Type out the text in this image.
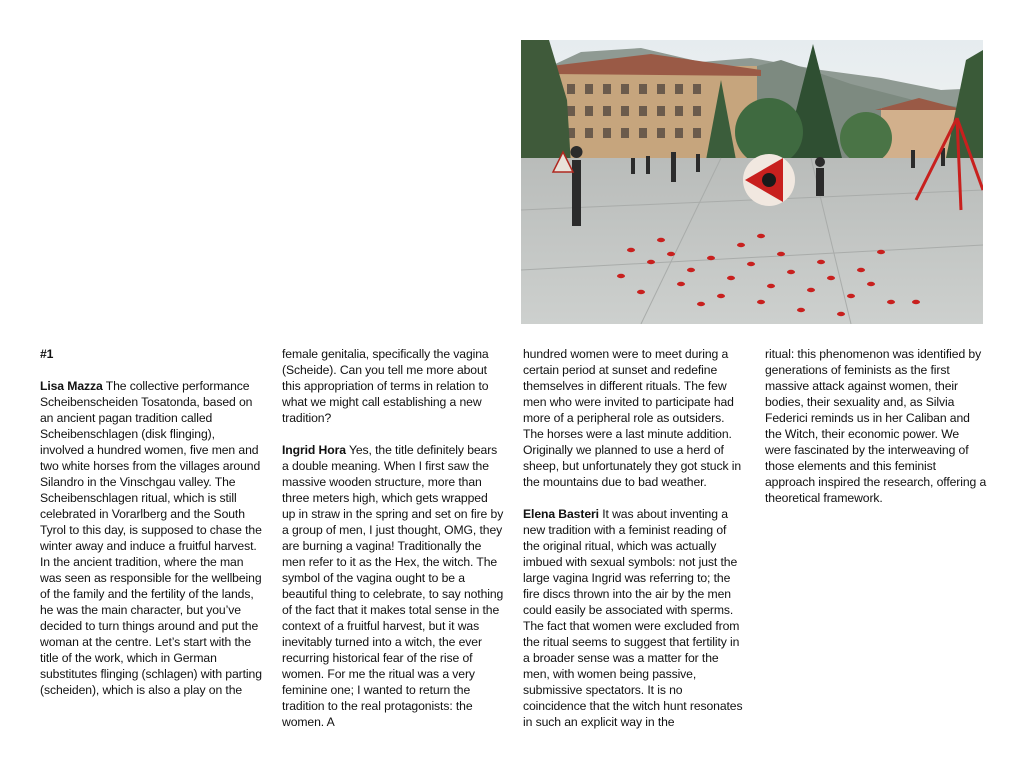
#1

Lisa Mazza The collective performance Scheibenscheiden Tosatonda, based on an ancient pagan tradition called Scheibenschlagen (disk flinging), involved a hundred women, five men and two white horses from the villages around Silandro in the Vinschgau valley. The Scheibenschlagen ritual, which is still celebrated in Vorarlberg and the South Tyrol to this day, is supposed to chase the winter away and induce a fruitful harvest. In the ancient tradition, where the man was seen as responsible for the wellbeing of the family and the fertility of the lands, he was the main character, but you’ve decided to turn things around and put the woman at the centre. Let’s start with the title of the work, which in German substitutes flinging (schlagen) with parting (scheiden), which is also a play on the

female genitalia, specifically the vagina (Scheide). Can you tell me more about this appropriation of terms in relation to what we might call establishing a new tradition?

Ingrid Hora Yes, the title definitely bears a double meaning. When I first saw the massive wooden structure, more than three meters high, which gets wrapped up in straw in the spring and set on fire by a group of men, I just thought, OMG, they are burning a vagina! Traditionally the men refer to it as the Hex, the witch. The symbol of the vagina ought to be a beautiful thing to celebrate, to say nothing of the fact that it makes total sense in the context of a fruitful harvest, but it was inevitably turned into a witch, the ever recurring historical fear of the rise of women. For me the ritual was a very feminine one; I wanted to return the tradition to the real protagonists: the women. A

hundred women were to meet during a certain period at sunset and redefine themselves in different rituals. The few men who were invited to participate had more of a peripheral role as outsiders. The horses were a last minute addition. Originally we planned to use a herd of sheep, but unfortunately they got stuck in the mountains due to bad weather.

Elena Basteri It was about inventing a new tradition with a feminist reading of the original ritual, which was actually imbued with sexual symbols: not just the large vagina Ingrid was referring to; the fire discs thrown into the air by the men could easily be associated with sperms. The fact that women were excluded from the ritual seems to suggest that fertility in a broader sense was a matter for the men, with women being passive, submissive spectators. It is no coincidence that the witch hunt resonates in such an explicit way in the

ritual: this phenomenon was identified by generations of feminists as the first massive attack against women, their bodies, their sexuality and, as Silvia Federici reminds us in her Caliban and the Witch, their economic power. We were fascinated by the interweaving of those elements and this feminist approach inspired the research, offering a theoretical framework.
